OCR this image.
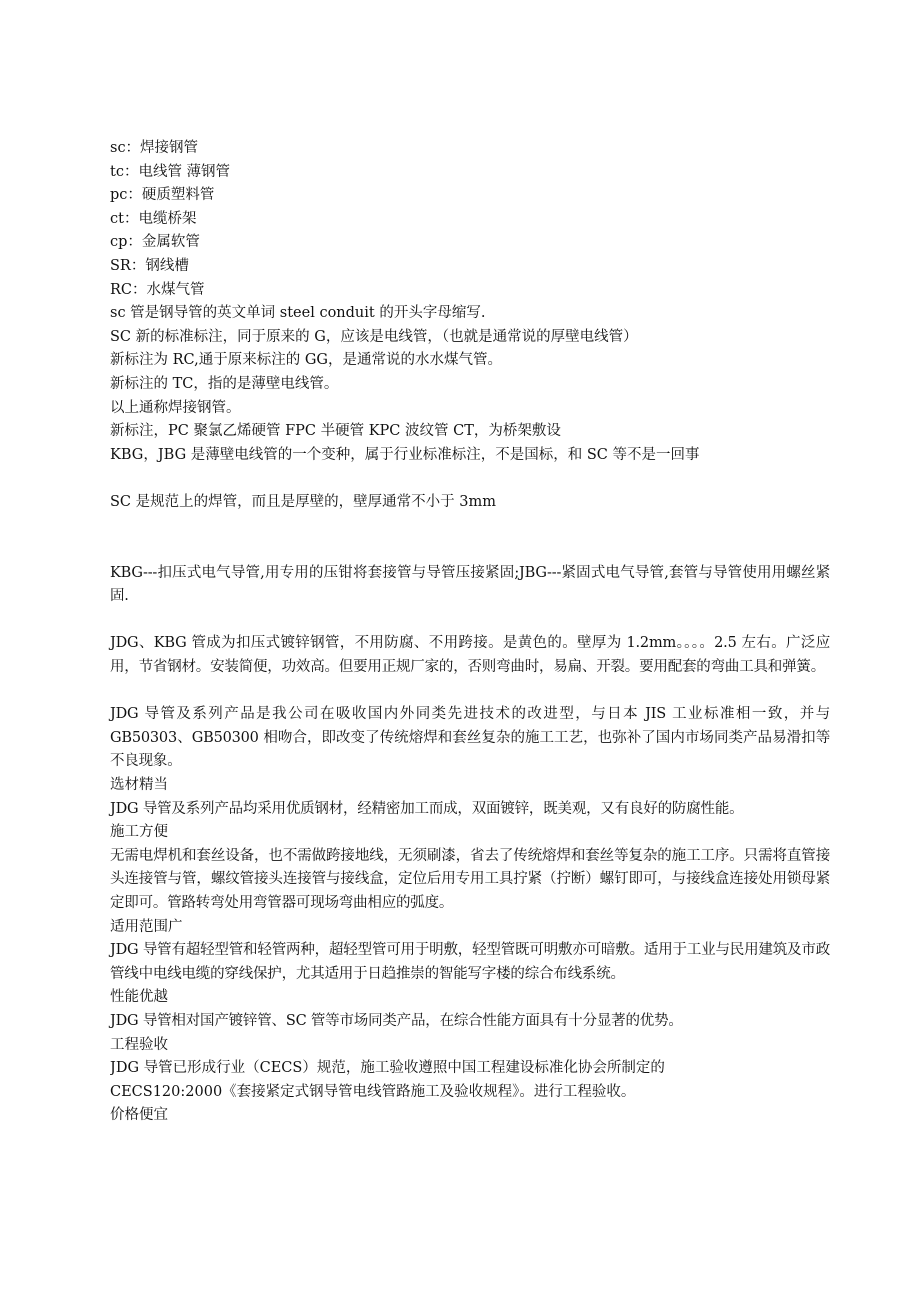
sc：焊接钢管
tc：电线管 薄钢管
pc：硬质塑料管
ct：电缆桥架
cp：金属软管
SR：钢线槽
RC：水煤气管
sc 管是钢导管的英文单词 steel conduit 的开头字母缩写.
SC 新的标准标注，同于原来的 G，应该是电线管，（也就是通常说的厚壁电线管）
新标注为 RC,通于原来标注的 GG，是通常说的水水煤气管。
新标注的 TC，指的是薄壁电线管。
以上通称焊接钢管。
新标注，PC 聚氯乙烯硬管 FPC 半硬管 KPC 波纹管 CT，为桥架敷设
KBG，JBG 是薄壁电线管的一个变种，属于行业标准标注，不是国标，和 SC 等不是一回事
SC 是规范上的焊管，而且是厚壁的，壁厚通常不小于 3mm
KBG---扣压式电气导管,用专用的压钳将套接管与导管压接紧固;JBG---紧固式电气导管,套管与导管使用用螺丝紧固.
JDG、KBG 管成为扣压式镀锌钢管，不用防腐、不用跨接。是黄色的。壁厚为 1.2mm。。。。2.5 左右。广泛应用，节省钢材。安装简便，功效高。但要用正规厂家的，否则弯曲时，易扁、开裂。要用配套的弯曲工具和弹簧。
JDG 导管及系列产品是我公司在吸收国内外同类先进技术的改进型，与日本 JIS 工业标准相一致，并与 GB50303、GB50300 相吻合，即改变了传统熔焊和套丝复杂的施工工艺，也弥补了国内市场同类产品易滑扣等不良现象。
选材精当
JDG 导管及系列产品均采用优质钢材，经精密加工而成，双面镀锌，既美观，又有良好的防腐性能。
施工方便
无需电焊机和套丝设备，也不需做跨接地线，无须刷漆，省去了传统熔焊和套丝等复杂的施工工序。只需将直管接头连接管与管，螺纹管接头连接管与接线盒，定位后用专用工具拧紧（拧断）螺钉即可，与接线盒连接处用锁母紧定即可。管路转弯处用弯管器可现场弯曲相应的弧度。
适用范围广
JDG 导管有超轻型管和轻管两种，超轻型管可用于明敷，轻型管既可明敷亦可暗敷。适用于工业与民用建筑及市政管线中电线电缆的穿线保护，尤其适用于日趋推崇的智能写字楼的综合布线系统。
性能优越
JDG 导管相对国产镀锌管、SC 管等市场同类产品，在综合性能方面具有十分显著的优势。
工程验收
JDG 导管已形成行业（CECS）规范，施工验收遵照中国工程建设标准化协会所制定的
CECS120:2000《套接紧定式钢导管电线管路施工及验收规程》。进行工程验收。
价格便宜
